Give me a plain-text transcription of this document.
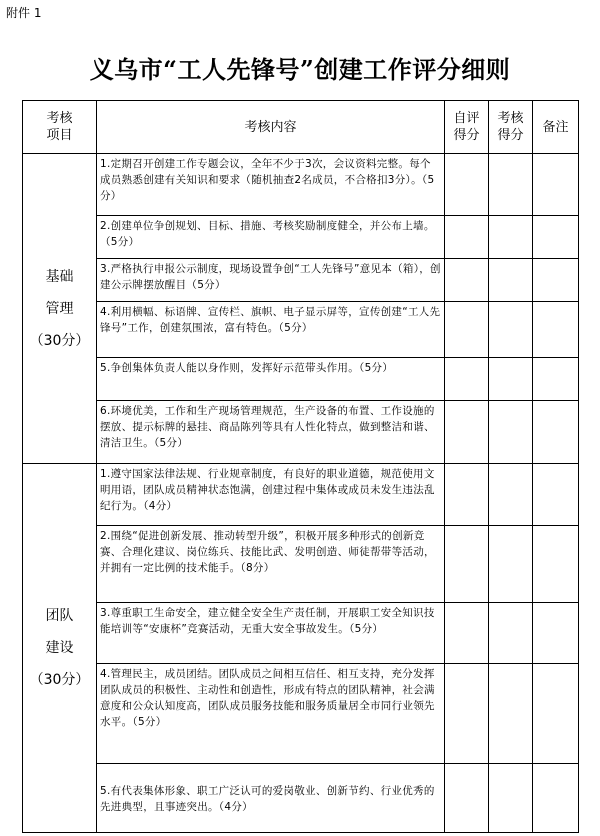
附件 1
义乌市“工人先锋号”创建工作评分细则
考核项目	考核内容	自评得分	考核得分	备注

基础
管理
（30分）	1.定期召开创建工作专题会议，全年不少于3次，会议资料完整。每个成员熟悉创建有关知识和要求（随机抽查2名成员，不合格扣3分）。（5分）			
	2.创建单位争创规划、目标、措施、考核奖励制度健全，并公布上墙。（5分）			
	3.严格执行申报公示制度，现场设置争创“工人先锋号”意见本（箱），创建公示牌摆放醒目（5分）			
	4.利用横幅、标语牌、宣传栏、旗帜、电子显示屏等，宣传创建“工人先锋号”工作，创建氛围浓，富有特色。（5分）			
	5.争创集体负责人能以身作则，发挥好示范带头作用。（5分）			
	6.环境优美，工作和生产现场管理规范，生产设备的布置、工作设施的摆放、提示标牌的悬挂、商品陈列等具有人性化特点，做到整洁和谐、清洁卫生。（5分）			

团队
建设
（30分）	1.遵守国家法律法规、行业规章制度，有良好的职业道德，规范使用文明用语，团队成员精神状态饱满，创建过程中集体或成员未发生违法乱纪行为。（4分）			
	2.围绕“促进创新发展、推动转型升级”，积极开展多种形式的创新竞赛、合理化建议、岗位练兵、技能比武、发明创造、师徒帮带等活动，并拥有一定比例的技术能手。（8分）			
	3.尊重职工生命安全，建立健全安全生产责任制，开展职工安全知识技能培训等“安康杯”竞赛活动，无重大安全事故发生。（5分）			
	4.管理民主，成员团结。团队成员之间相互信任、相互支持，充分发挥团队成员的积极性、主动性和创造性，形成有特点的团队精神，社会满意度和公众认知度高，团队成员服务技能和服务质量居全市同行业领先水平。（5分）			
	5.有代表集体形象、职工广泛认可的爱岗敬业、创新节约、行业优秀的先进典型，且事迹突出。（4分）			
